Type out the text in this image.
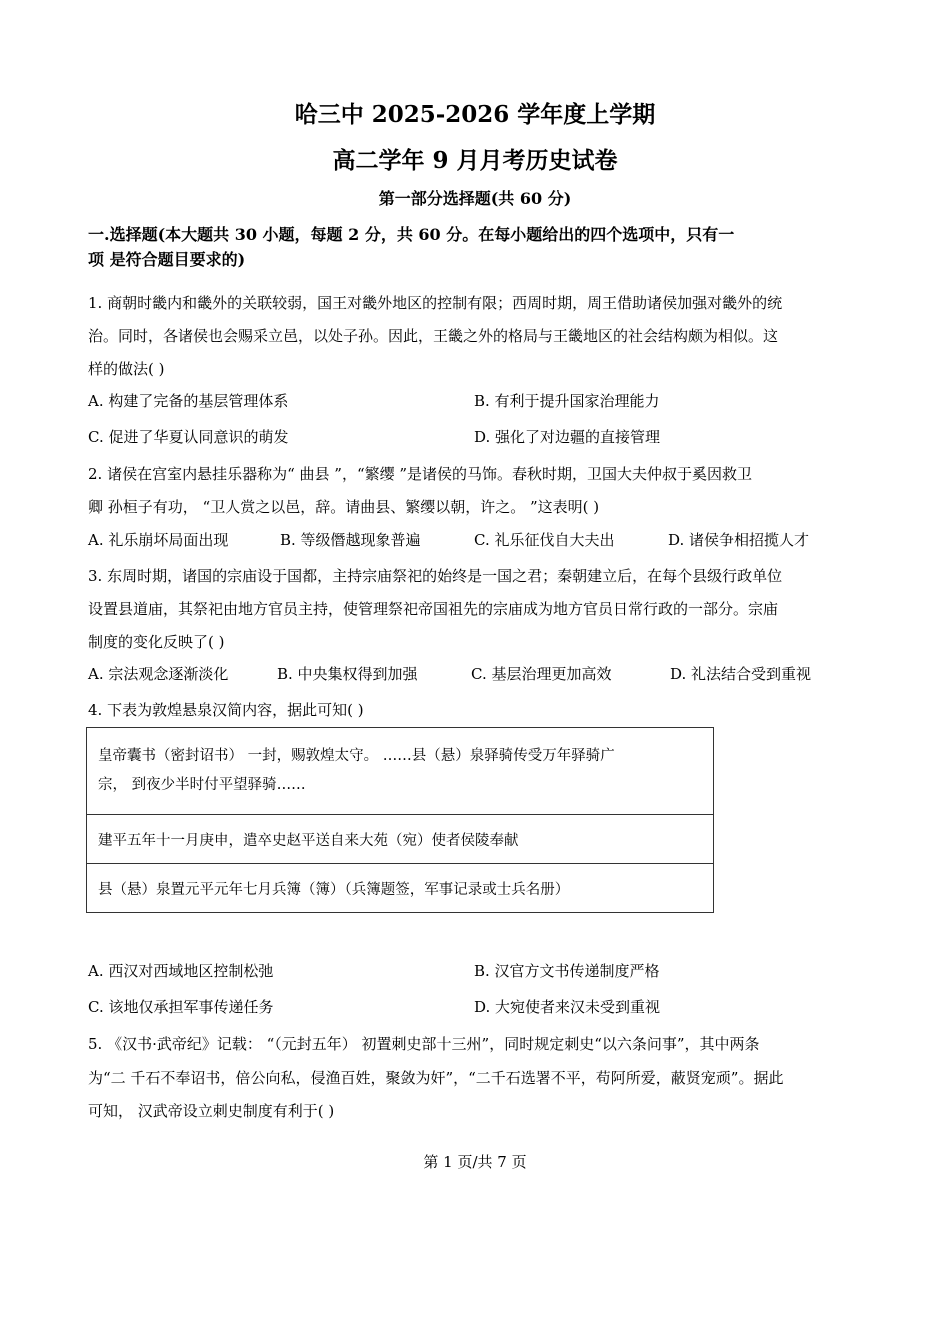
哈三中 2025-2026 学年度上学期
高二学年 9 月月考历史试卷
第一部分选择题(共 60 分)
一.选择题(本大题共 30 小题，每题 2 分，共 60 分。在每小题给出的四个选项中，只有一
项 是符合题目要求的)
1. 商朝时畿内和畿外的关联较弱，国王对畿外地区的控制有限；西周时期，周王借助诸侯加强对畿外的统
治。同时，各诸侯也会赐采立邑，以处子孙。因此，王畿之外的格局与王畿地区的社会结构颇为相似。这
样的做法( )
A. 构建了完备的基层管理体系	B. 有利于提升国家治理能力
C. 促进了华夏认同意识的萌发	D. 强化了对边疆的直接管理
2. 诸侯在宫室内悬挂乐器称为“ 曲县 ”，“繁缨 ”是诸侯的马饰。春秋时期，卫国大夫仲叔于奚因救卫
卿 孙桓子有功， “卫人赏之以邑，辞。请曲县、繁缨以朝，许之。 ”这表明( )
A. 礼乐崩坏局面出现	B. 等级僭越现象普遍	C. 礼乐征伐自大夫出	D. 诸侯争相招揽人才
3. 东周时期，诸国的宗庙设于国都，主持宗庙祭祀的始终是一国之君；秦朝建立后，在每个县级行政单位
设置县道庙，其祭祀由地方官员主持，使管理祭祀帝国祖先的宗庙成为地方官员日常行政的一部分。宗庙
制度的变化反映了( )
A. 宗法观念逐渐淡化	B. 中央集权得到加强	C. 基层治理更加高效	D. 礼法结合受到重视
4. 下表为敦煌悬泉汉简内容，据此可知( )
皇帝囊书（密封诏书） 一封，赐敦煌太守。 ……县（悬）泉驿骑传受万年驿骑广
宗， 到夜少半时付平望驿骑……

建平五年十一月庚申，遣卒史赵平送自来大苑（宛）使者侯陵奉献
县（悬）泉置元平元年七月兵簿（簿）（兵簿题签，军事记录或士兵名册）
A. 西汉对西域地区控制松弛	B. 汉官方文书传递制度严格
C. 该地仅承担军事传递任务	D. 大宛使者来汉未受到重视
5. 《汉书·武帝纪》记载： “（元封五年） 初置刺史部十三州”，同时规定刺史“以六条问事”，其中两条
为“二 千石不奉诏书，倍公向私，侵渔百姓，聚敛为奸”，“二千石选署不平，苟阿所爱，蔽贤宠顽”。据此
可知， 汉武帝设立刺史制度有利于( )
第 1 页/共 7 页
